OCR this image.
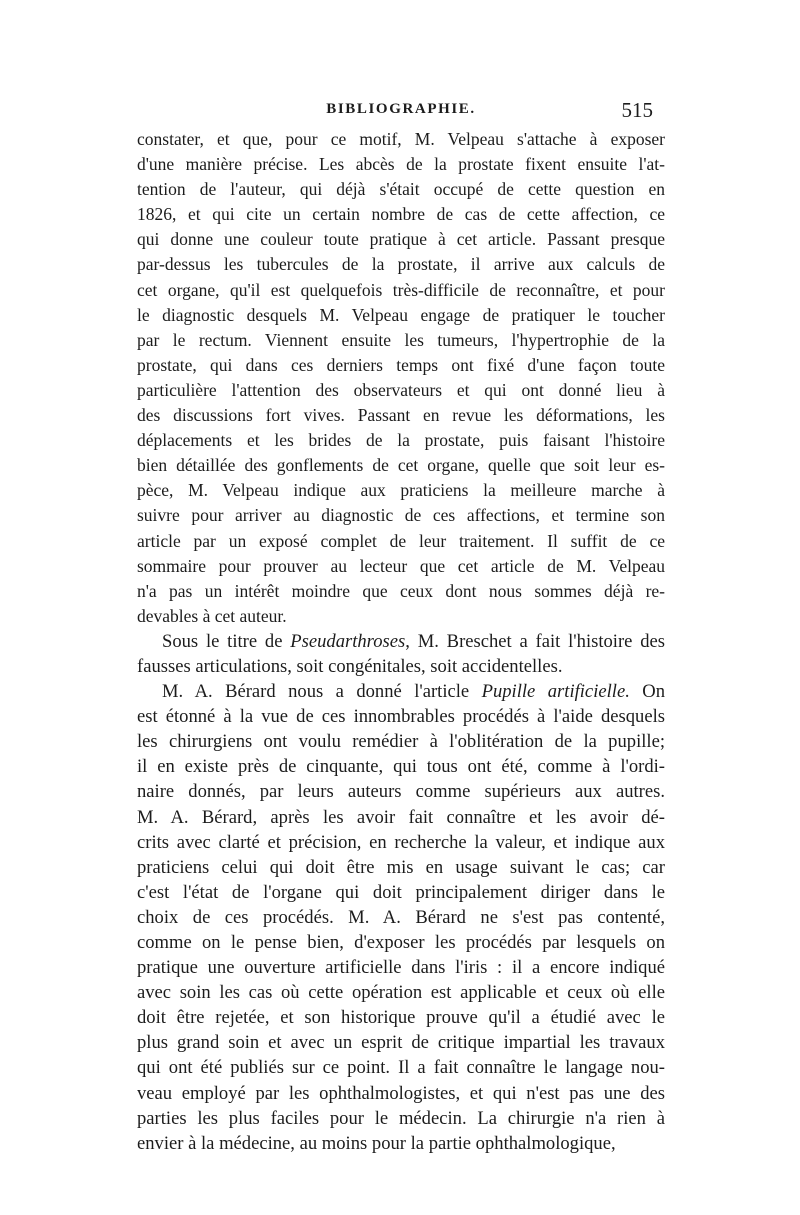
BIBLIOGRAPHIE.	515
constater, et que, pour ce motif, M. Velpeau s'attache à exposer
d'une manière précise. Les abcès de la prostate fixent ensuite l'at-
tention de l'auteur, qui déjà s'était occupé de cette question en
1826, et qui cite un certain nombre de cas de cette affection, ce
qui donne une couleur toute pratique à cet article. Passant presque
par-dessus les tubercules de la prostate, il arrive aux calculs de
cet organe, qu'il est quelquefois très-difficile de reconnaître, et pour
le diagnostic desquels M. Velpeau engage de pratiquer le toucher
par le rectum. Viennent ensuite les tumeurs, l'hypertrophie de la
prostate, qui dans ces derniers temps ont fixé d'une façon toute
particulière l'attention des observateurs et qui ont donné lieu à
des discussions fort vives. Passant en revue les déformations, les
déplacements et les brides de la prostate, puis faisant l'histoire
bien détaillée des gonflements de cet organe, quelle que soit leur es-
pèce, M. Velpeau indique aux praticiens la meilleure marche à
suivre pour arriver au diagnostic de ces affections, et termine son
article par un exposé complet de leur traitement. Il suffit de ce
sommaire pour prouver au lecteur que cet article de M. Velpeau
n'a pas un intérêt moindre que ceux dont nous sommes déjà re-
devables à cet auteur.
Sous le titre de Pseudarthroses, M. Breschet a fait l'histoire des
fausses articulations, soit congénitales, soit accidentelles.
M. A. Bérard nous a donné l'article Pupille artificielle. On
est étonné à la vue de ces innombrables procédés à l'aide desquels
les chirurgiens ont voulu remédier à l'oblitération de la pupille;
il en existe près de cinquante, qui tous ont été, comme à l'ordi-
naire donnés, par leurs auteurs comme supérieurs aux autres.
M. A. Bérard, après les avoir fait connaître et les avoir dé-
crits avec clarté et précision, en recherche la valeur, et indique aux
praticiens celui qui doit être mis en usage suivant le cas; car
c'est l'état de l'organe qui doit principalement diriger dans le
choix de ces procédés. M. A. Bérard ne s'est pas contenté,
comme on le pense bien, d'exposer les procédés par lesquels on
pratique une ouverture artificielle dans l'iris : il a encore indiqué
avec soin les cas où cette opération est applicable et ceux où elle
doit être rejetée, et son historique prouve qu'il a étudié avec le
plus grand soin et avec un esprit de critique impartial les travaux
qui ont été publiés sur ce point. Il a fait connaître le langage nou-
veau employé par les ophthalmologistes, et qui n'est pas une des
parties les plus faciles pour le médecin. La chirurgie n'a rien à
envier à la médecine, au moins pour la partie ophthalmologique,
